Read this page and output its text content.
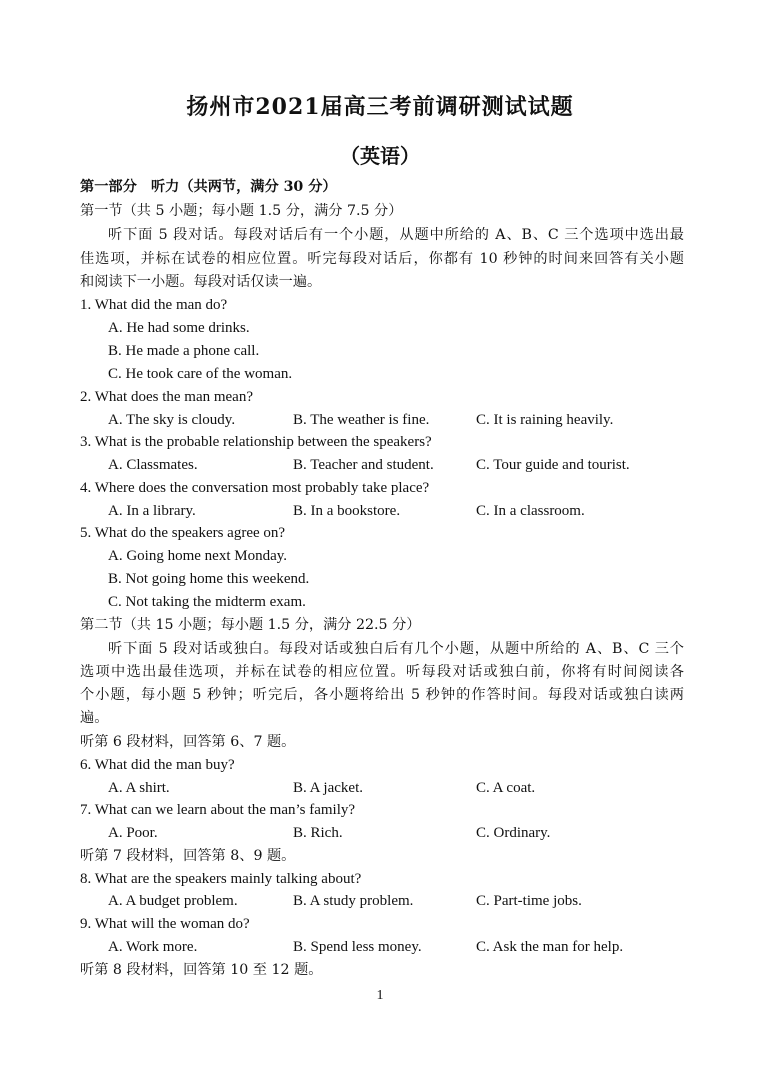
扬州市2021届高三考前调研测试试题
（英语）
第一部分　听力（共两节，满分 30 分）
第一节（共 5 小题；每小题 1.5 分，满分 7.5 分）
听下面 5 段对话。每段对话后有一个小题，从题中所给的 A、B、C 三个选项中选出最
佳选项，并标在试卷的相应位置。听完每段对话后，你都有 10 秒钟的时间来回答有关小题
和阅读下一小题。每段对话仅读一遍。
1. What did the man do?
A. He had some drinks.
B. He made a phone call.
C. He took care of the woman.
2. What does the man mean?
A. The sky is cloudy.	B. The weather is fine.	C. It is raining heavily.
3. What is the probable relationship between the speakers?
A. Classmates.	B. Teacher and student.	C. Tour guide and tourist.
4. Where does the conversation most probably take place?
A. In a library.	B. In a bookstore.	C. In a classroom.
5. What do the speakers agree on?
A. Going home next Monday.
B. Not going home this weekend.
C. Not taking the midterm exam.
第二节（共 15 小题；每小题 1.5 分，满分 22.5 分）
听下面 5 段对话或独白。每段对话或独白后有几个小题，从题中所给的 A、B、C 三个
选项中选出最佳选项，并标在试卷的相应位置。听每段对话或独白前，你将有时间阅读各
个小题，每小题 5 秒钟；听完后，各小题将给出 5 秒钟的作答时间。每段对话或独白读两
遍。
听第 6 段材料，回答第 6、7 题。
6. What did the man buy?
A. A shirt.	B. A jacket.	C. A coat.
7. What can we learn about the man’s family?
A. Poor.	B. Rich.	C. Ordinary.
听第 7 段材料，回答第 8、9 题。
8. What are the speakers mainly talking about?
A. A budget problem.	B. A study problem.	C. Part-time jobs.
9. What will the woman do?
A. Work more.	B. Spend less money.	C. Ask the man for help.
听第 8 段材料，回答第 10 至 12 题。
1
